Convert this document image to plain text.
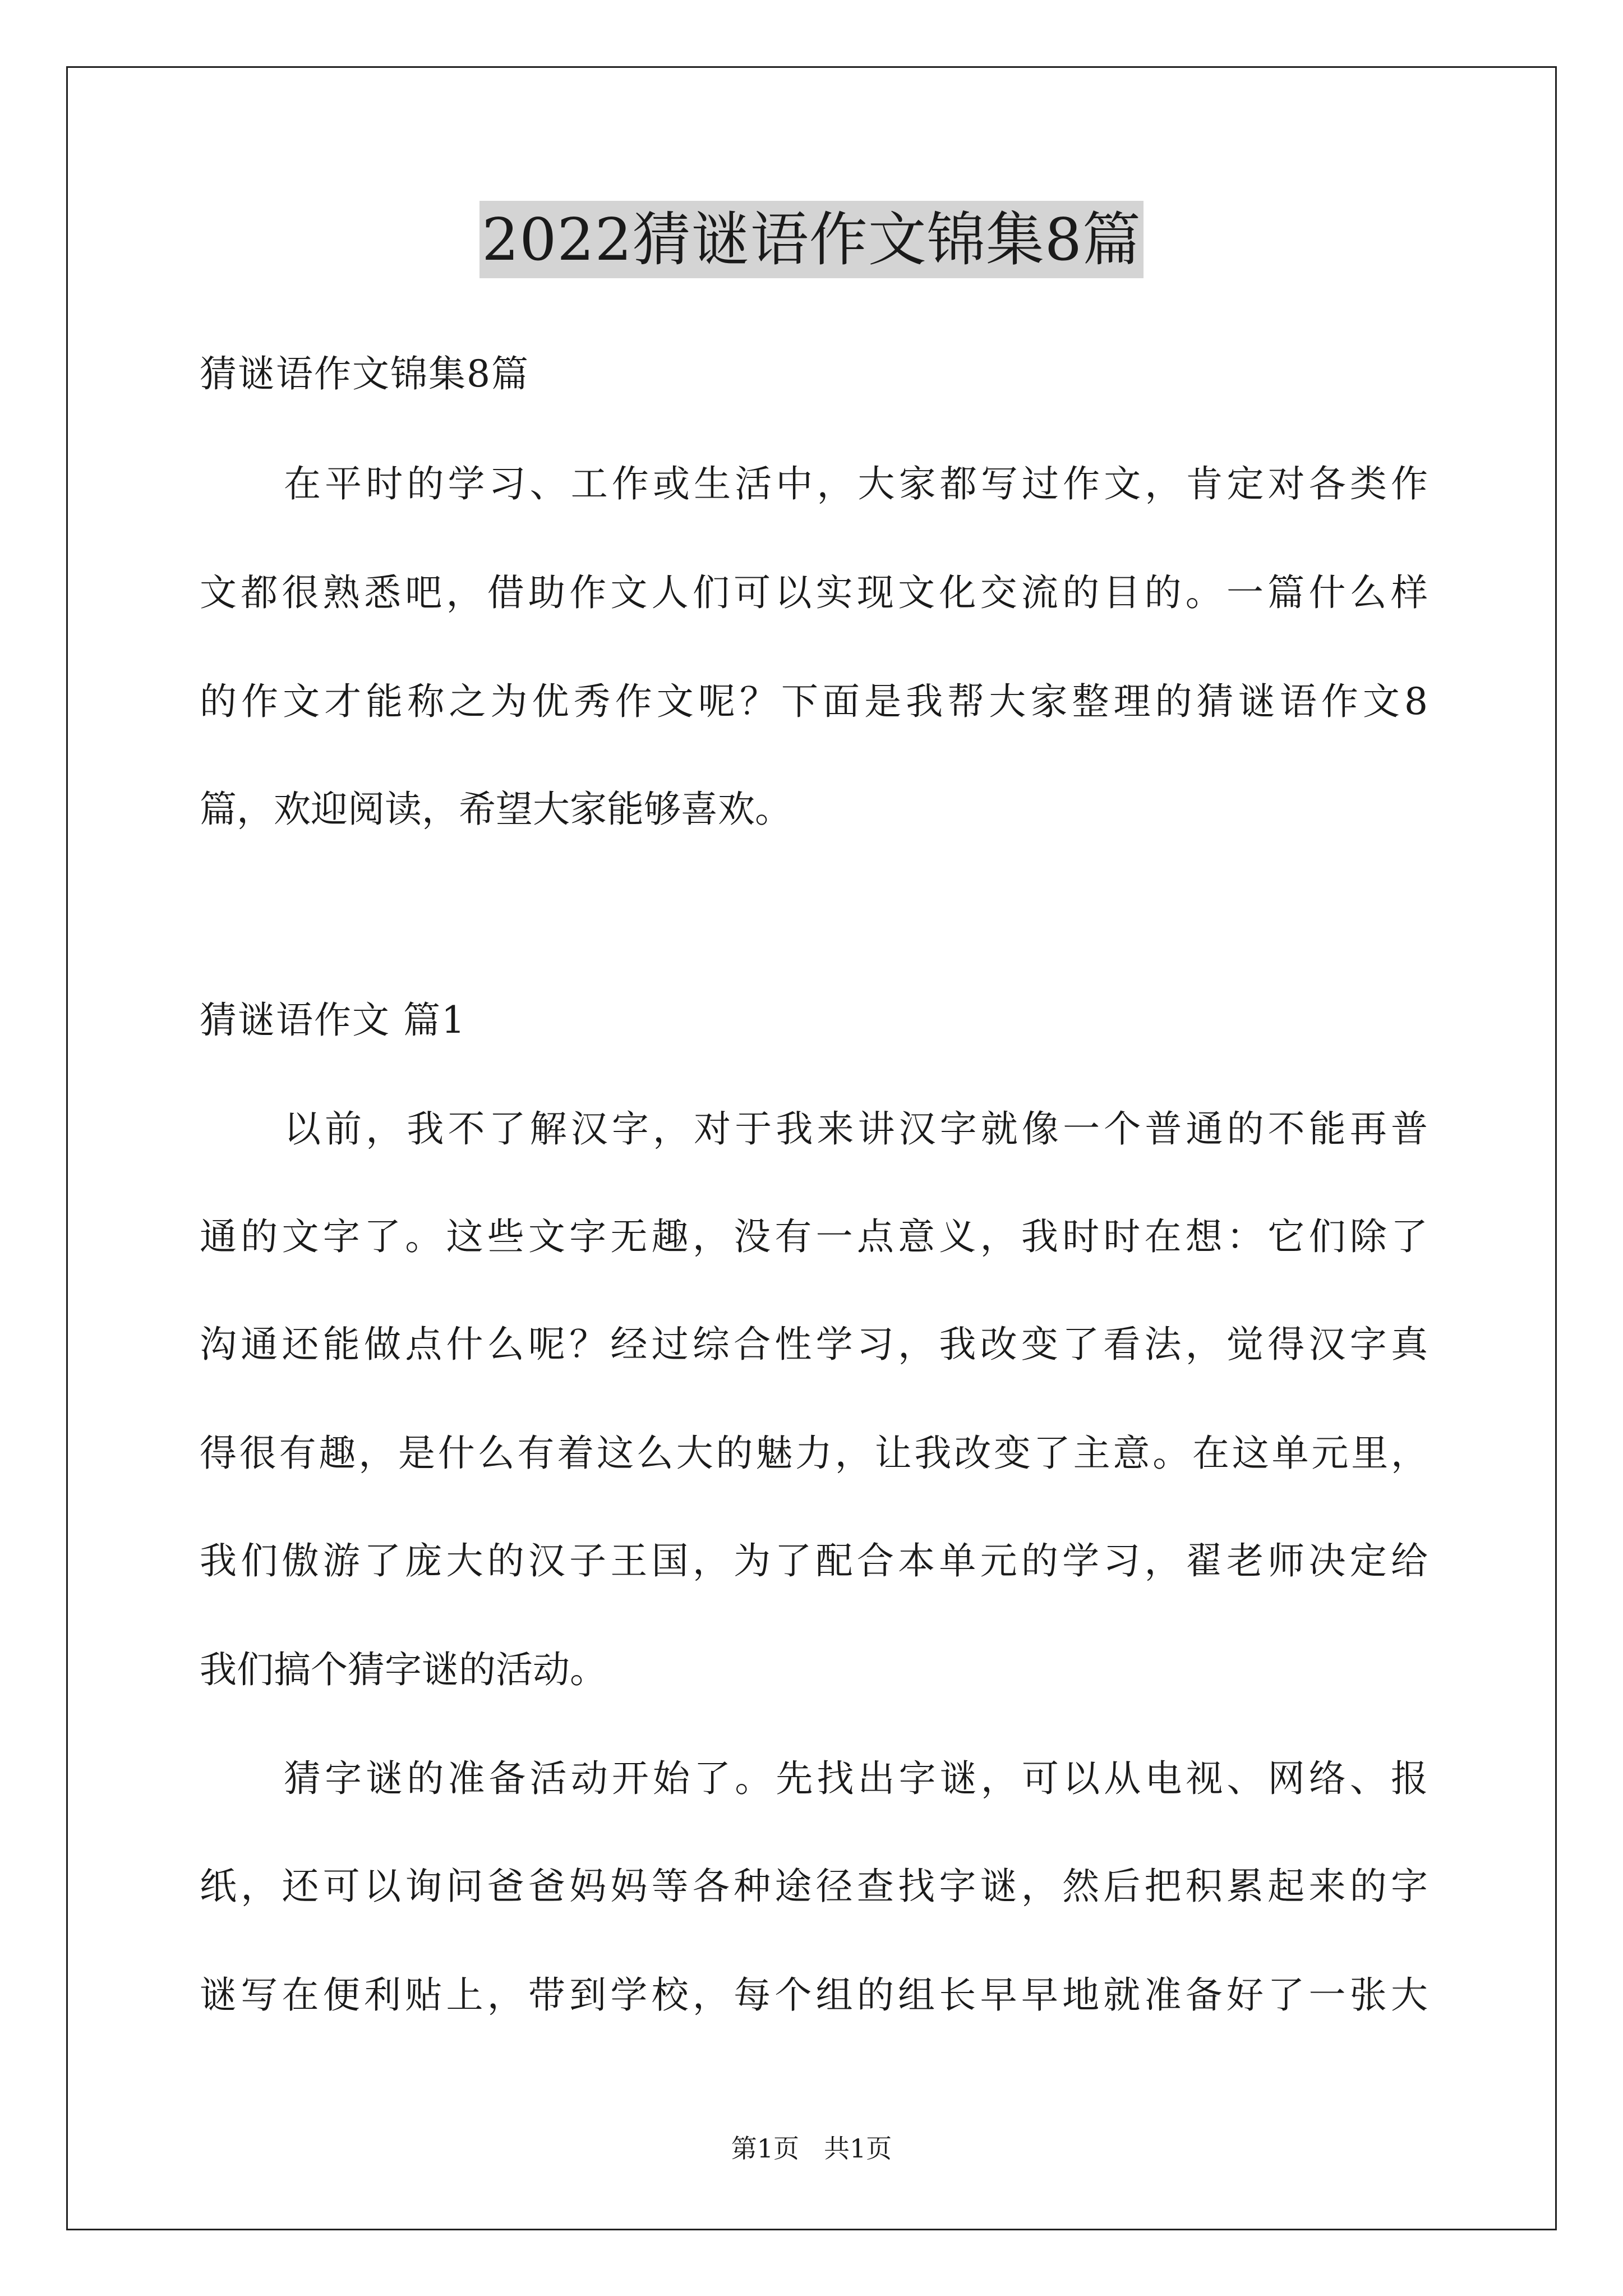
2022猜谜语作文锦集8篇
猜谜语作文锦集8篇
在平时的学习、工作或生活中，大家都写过作文，肯定对各类作
文都很熟悉吧，借助作文人们可以实现文化交流的目的。一篇什么样
的作文才能称之为优秀作文呢？下面是我帮大家整理的猜谜语作文8
篇，欢迎阅读，希望大家能够喜欢。
猜谜语作文 篇1
以前，我不了解汉字，对于我来讲汉字就像一个普通的不能再普
通的文字了。这些文字无趣，没有一点意义，我时时在想：它们除了
沟通还能做点什么呢？经过综合性学习，我改变了看法，觉得汉字真
得很有趣，是什么有着这么大的魅力，让我改变了主意。在这单元里，
我们傲游了庞大的汉子王国，为了配合本单元的学习，翟老师决定给
我们搞个猜字谜的活动。
猜字谜的准备活动开始了。先找出字谜，可以从电视、网络、报
纸，还可以询问爸爸妈妈等各种途径查找字谜，然后把积累起来的字
谜写在便利贴上，带到学校，每个组的组长早早地就准备好了一张大
第1页 共1页
